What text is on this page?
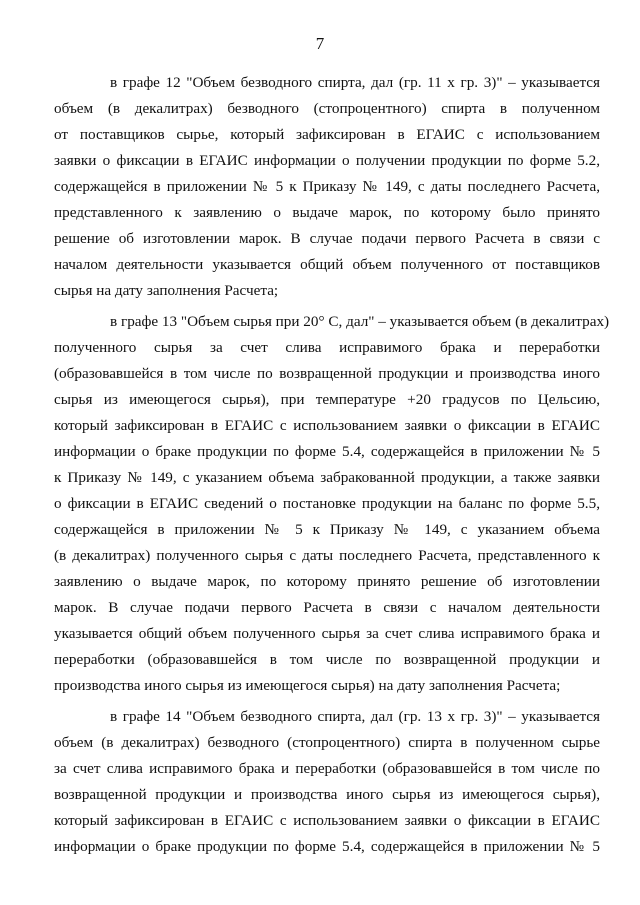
7

в графе 12 "Объем безводного спирта, дал (гр. 11 х гр. 3)" – указывается
объем (в декалитрах) безводного (стопроцентного) спирта в полученном
от поставщиков сырье, который зафиксирован в ЕГАИС с использованием
заявки о фиксации в ЕГАИС информации о получении продукции по форме 5.2,
содержащейся в приложении № 5 к Приказу № 149, с даты последнего Расчета,
представленного к заявлению о выдаче марок, по которому было принято
решение об изготовлении марок. В случае подачи первого Расчета в связи с
началом деятельности указывается общий объем полученного от поставщиков
сырья на дату заполнения Расчета;

в графе 13 "Объем сырья при 20° С, дал" – указывается объем (в декалитрах)
полученного сырья за счет слива исправимого брака и переработки
(образовавшейся в том числе по возвращенной продукции и производства иного
сырья из имеющегося сырья), при температуре +20 градусов по Цельсию,
который зафиксирован в ЕГАИС с использованием заявки о фиксации в ЕГАИС
информации о браке продукции по форме 5.4, содержащейся в приложении № 5
к Приказу № 149, с указанием объема забракованной продукции, а также заявки
о фиксации в ЕГАИС сведений о постановке продукции на баланс по форме 5.5,
содержащейся в приложении № 5 к Приказу № 149, с указанием объема
(в декалитрах) полученного сырья с даты последнего Расчета, представленного к
заявлению о выдаче марок, по которому принято решение об изготовлении
марок. В случае подачи первого Расчета в связи с началом деятельности
указывается общий объем полученного сырья за счет слива исправимого брака и
переработки (образовавшейся в том числе по возвращенной продукции и
производства иного сырья из имеющегося сырья) на дату заполнения Расчета;

в графе 14 "Объем безводного спирта, дал (гр. 13 х гр. 3)" – указывается
объем (в декалитрах) безводного (стопроцентного) спирта в полученном сырье
за счет слива исправимого брака и переработки (образовавшейся в том числе по
возвращенной продукции и производства иного сырья из имеющегося сырья),
который зафиксирован в ЕГАИС с использованием заявки о фиксации в ЕГАИС
информации о браке продукции по форме 5.4, содержащейся в приложении № 5
